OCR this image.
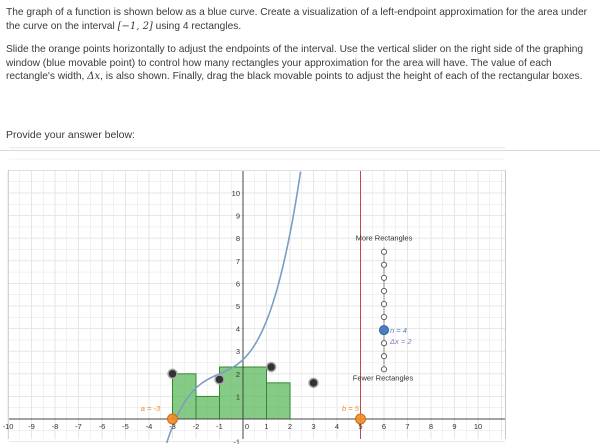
The graph of a function is shown below as a blue curve. Create a visualization of a left-endpoint approximation for the area under the curve on the interval [−1, 2] using 4 rectangles.

Slide the orange points horizontally to adjust the endpoints of the interval. Use the vertical slider on the right side of the graphing window (blue movable point) to control how many rectangles your approximation for the area will have. The value of each rectangle's width, Δx, is also shown. Finally, drag the black movable points to adjust the height of each of the rectangular boxes.

Provide your answer below:
-10 -9 -8 -7 -6 -5 -4 -3 -2 -1	1	2	3	4	5	6	7	8	9 10
0
10
9
8
7
6
5
4
3
2
1
-1
More Rectangles
Fewer Rectangles
n = 4
Δx = 2
a = -3	b = 5
